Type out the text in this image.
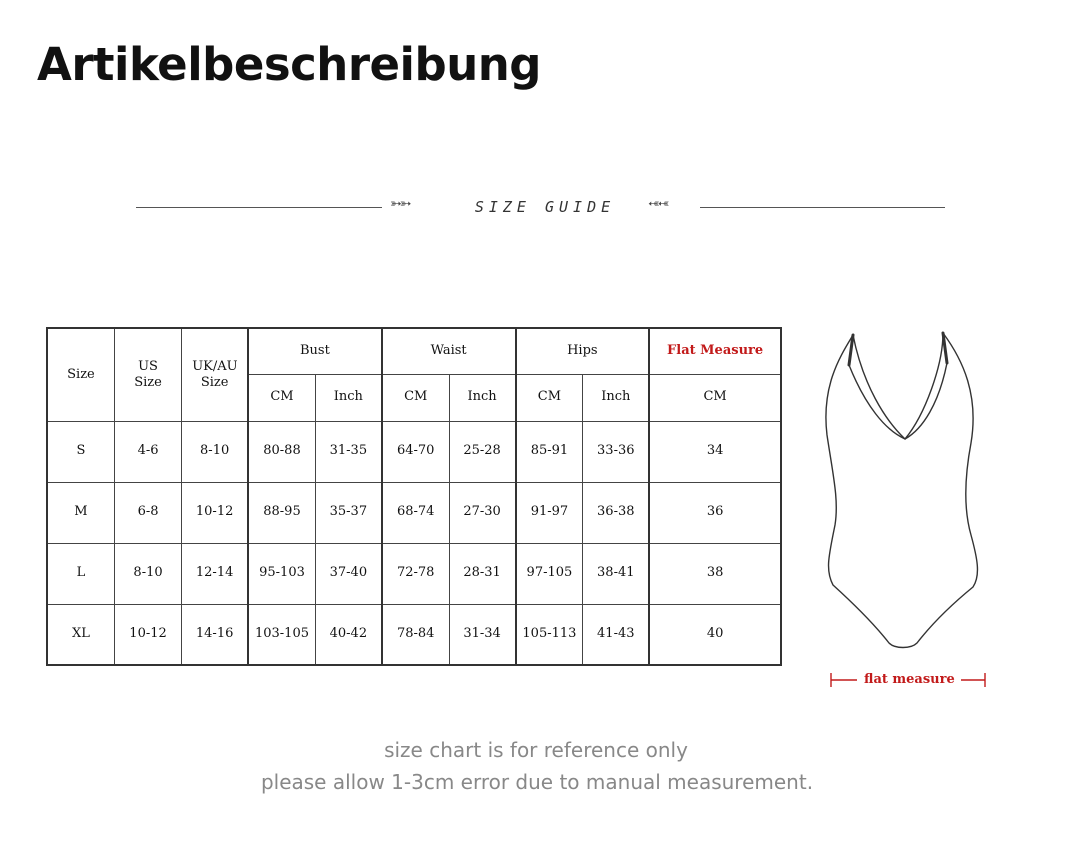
Artikelbeschreibung
➳➳	SIZE GUIDE	➳➳
Size	US Size	UK/AU Size	Bust		Waist		Hips		Flat Measure
			CM	Inch	CM	Inch	CM	Inch	CM
S	4-6	8-10	80-88	31-35	64-70	25-28	85-91	33-36	34
M	6-8	10-12	88-95	35-37	68-74	27-30	91-97	36-38	36
L	8-10	12-14	95-103	37-40	72-78	28-31	97-105	38-41	38
XL	10-12	14-16	103-105	40-42	78-84	31-34	105-113	41-43	40
flat measure
size chart is for reference only
please allow 1-3cm error due to manual measurement.
